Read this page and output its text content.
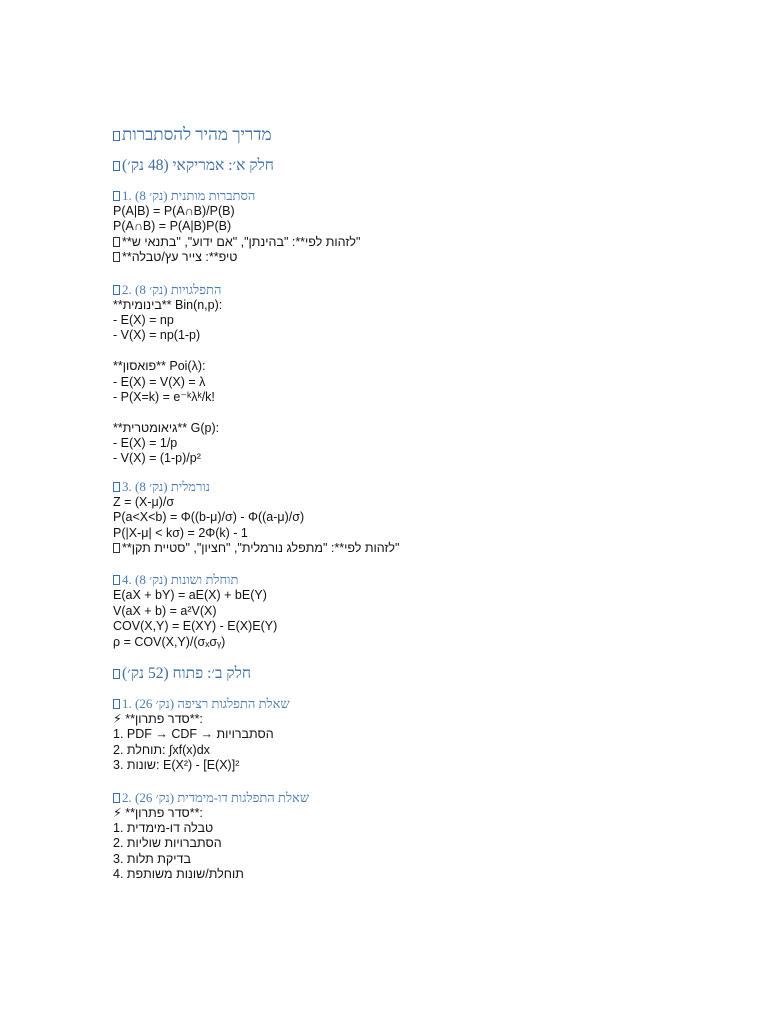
מדריך מהיר להסתברות
חלק א׳: אמריקאי (48 נק׳)
1. (8 נק׳) הסתברות מותנית
P(A|B) = P(A∩B)/P(B)
P(A∩B) = P(A|B)P(B)
**לזהות לפי**: "בהינתן", "אם ידוע", "בתנאי ש"
**טיפ**: צייר עץ/טבלה
2. (8 נק׳) התפלגויות
**בינומית** Bin(n,p):
- E(X) = np
- V(X) = np(1-p)
**פואסון** Poi(λ):
- E(X) = V(X) = λ
- P(X=k) = e⁻ᵏλᵏ/k!
**גיאומטרית** G(p):
- E(X) = 1/p
- V(X) = (1-p)/p²
3. (8 נק׳) נורמלית
Z = (X-μ)/σ
P(a<X<b) = Φ((b-μ)/σ) - Φ((a-μ)/σ)
P(|X-μ| < kσ) = 2Φ(k) - 1
**לזהות לפי**: "מתפלג נורמלית", "חציון", "סטיית תקן"
4. (8 נק׳) תוחלת ושונות
E(aX + bY) = aE(X) + bE(Y)
V(aX + b) = a²V(X)
COV(X,Y) = E(XY) - E(X)E(Y)
ρ = COV(X,Y)/(σₓσᵧ)
חלק ב׳: פתוח (52 נק׳)
1. (26 נק׳) שאלת התפלגות רציפה
⚡ **סדר פתרון**:
1. PDF → CDF → הסתברויות
2. תוחלת: ∫xf(x)dx
3. שונות: E(X²) - [E(X)]²
2. (26 נק׳) שאלת התפלגות דו-מימדית
⚡ **סדר פתרון**:
1. טבלה דו-מימדית
2. הסתברויות שוליות
3. בדיקת תלות
4. תוחלת/שונות משותפת
